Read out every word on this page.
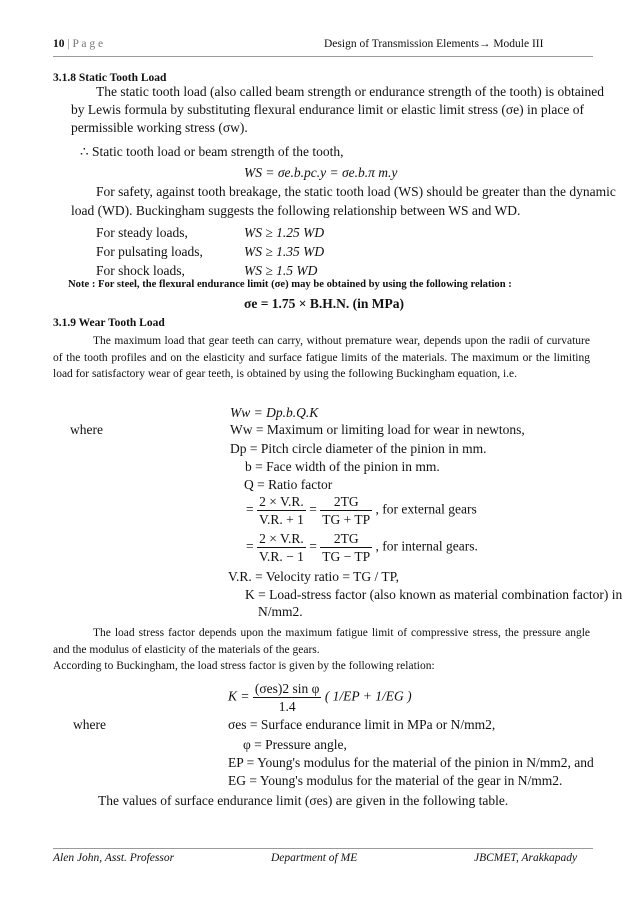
10 | P a g e	Design of Transmission Elements→ Module III
3.1.8 Static Tooth Load
The static tooth load (also called beam strength or endurance strength of the tooth) is obtained
by Lewis formula by substituting flexural endurance limit or elastic limit stress (σe) in place of
permissible working stress (σw).
∴ Static tooth load or beam strength of the tooth,
WS = σe.b.pc.y = σe.b.π m.y
For safety, against tooth breakage, the static tooth load (WS) should be greater than the dynamic
load (WD). Buckingham suggests the following relationship between WS and WD.
For steady loads,	WS ≥ 1.25 WD
For pulsating loads,	WS ≥ 1.35 WD
For shock loads,	WS ≥ 1.5 WD
Note : For steel, the flexural endurance limit (σe) may be obtained by using the following relation :
σe = 1.75 × B.H.N. (in MPa)
3.1.9 Wear Tooth Load
The maximum load that gear teeth can carry, without premature wear, depends upon the radii of curvature of the tooth profiles and on the elasticity and surface fatigue limits of the materials. The maximum or the limiting load for satisfactory wear of gear teeth, is obtained by using the following Buckingham equation, i.e.
Ww = Dp.b.Q.K
where	Ww = Maximum or limiting load for wear in newtons,
Dp = Pitch circle diameter of the pinion in mm.
b = Face width of the pinion in mm.
Q = Ratio factor
= $\frac{2 \times V.R.}{V.R. + 1} = \frac{2TG}{TG + TP}$ , for external gears
= $\frac{2 \times V.R.}{V.R. - 1} = \frac{2TG}{TG - TP}$ , for internal gears.
V.R. = Velocity ratio = TG / TP,
K = Load-stress factor (also known as material combination factor) in
N/mm2.
The load stress factor depends upon the maximum fatigue limit of compressive stress, the pressure angle and the modulus of elasticity of the materials of the gears.
According to Buckingham, the load stress factor is given by the following relation:
$K = \frac{\text{(σes)2 sin φ}}{1.4}$ ( 1/EP + 1/EG )
where	σes = Surface endurance limit in MPa or N/mm2,
φ = Pressure angle,
EP = Young's modulus for the material of the pinion in N/mm2, and
EG = Young's modulus for the material of the gear in N/mm2.
The values of surface endurance limit (σes) are given in the following table.
Alen John, Asst. Professor	Department of ME	JBCMET, Arakkapady
